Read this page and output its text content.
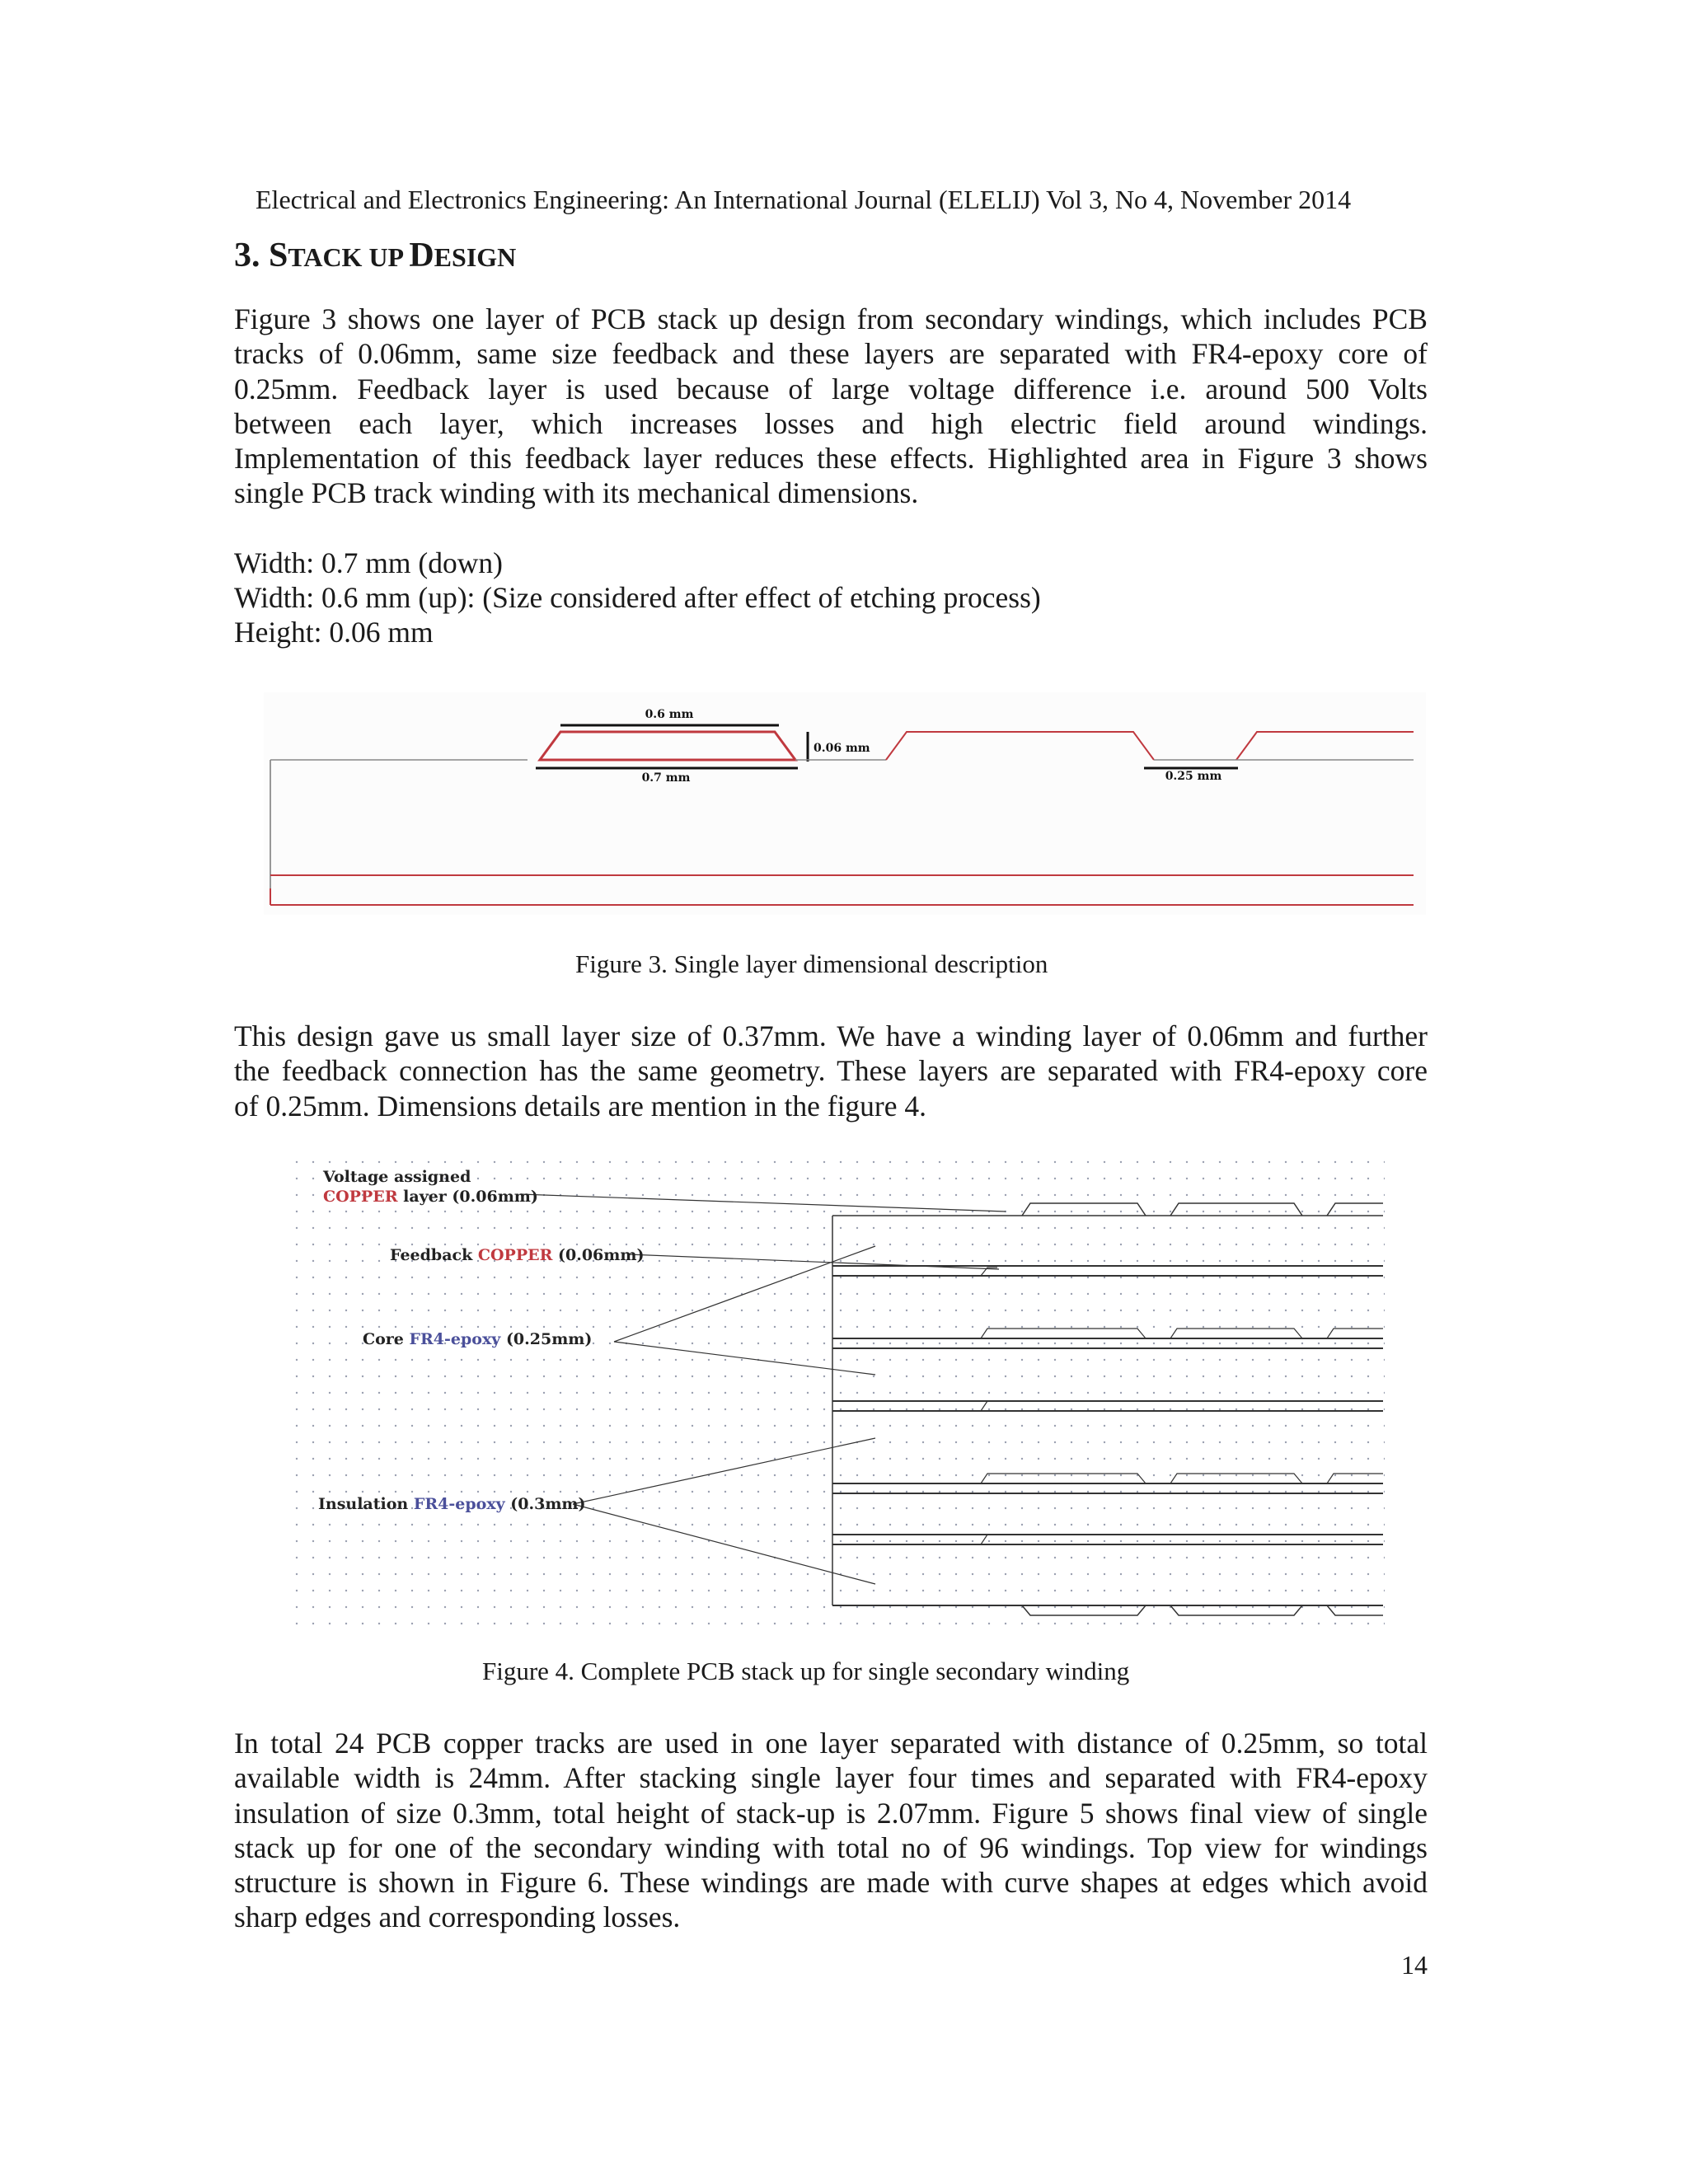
Electrical and Electronics Engineering: An International Journal (ELELIJ) Vol 3, No 4, November 2014
3. STACK UP DESIGN
Figure 3 shows one layer of PCB stack up design from secondary windings, which includes PCB
tracks of 0.06mm, same size feedback and these layers are separated with FR4-epoxy core of
0.25mm. Feedback layer is used because of large voltage difference i.e. around 500 Volts
between each layer, which increases losses and high electric field around windings.
Implementation of this feedback layer reduces these effects. Highlighted area in Figure 3 shows
single PCB track winding with its mechanical dimensions.
Width: 0.7 mm (down)
Width: 0.6 mm (up): (Size considered after effect of etching process)
Height: 0.06 mm
0.6 mm
0.06 mm
0.7 mm	0.25 mm
Figure 3. Single layer dimensional description
This design gave us small layer size of 0.37mm. We have a winding layer of 0.06mm and further
the feedback connection has the same geometry. These layers are separated with FR4-epoxy core
of 0.25mm. Dimensions details are mention in the figure 4.
Voltage assigned
COPPER layer (0.06mm)
Feedback COPPER (0.06mm)
Core FR4-epoxy (0.25mm)
Insulation FR4-epoxy (0.3mm)
Figure 4. Complete PCB stack up for single secondary winding
In total 24 PCB copper tracks are used in one layer separated with distance of 0.25mm, so total
available width is 24mm. After stacking single layer four times and separated with FR4-epoxy
insulation of size 0.3mm, total height of stack-up is 2.07mm. Figure 5 shows final view of single
stack up for one of the secondary winding with total no of 96 windings. Top view for windings
structure is shown in Figure 6. These windings are made with curve shapes at edges which avoid
sharp edges and corresponding losses.
14
